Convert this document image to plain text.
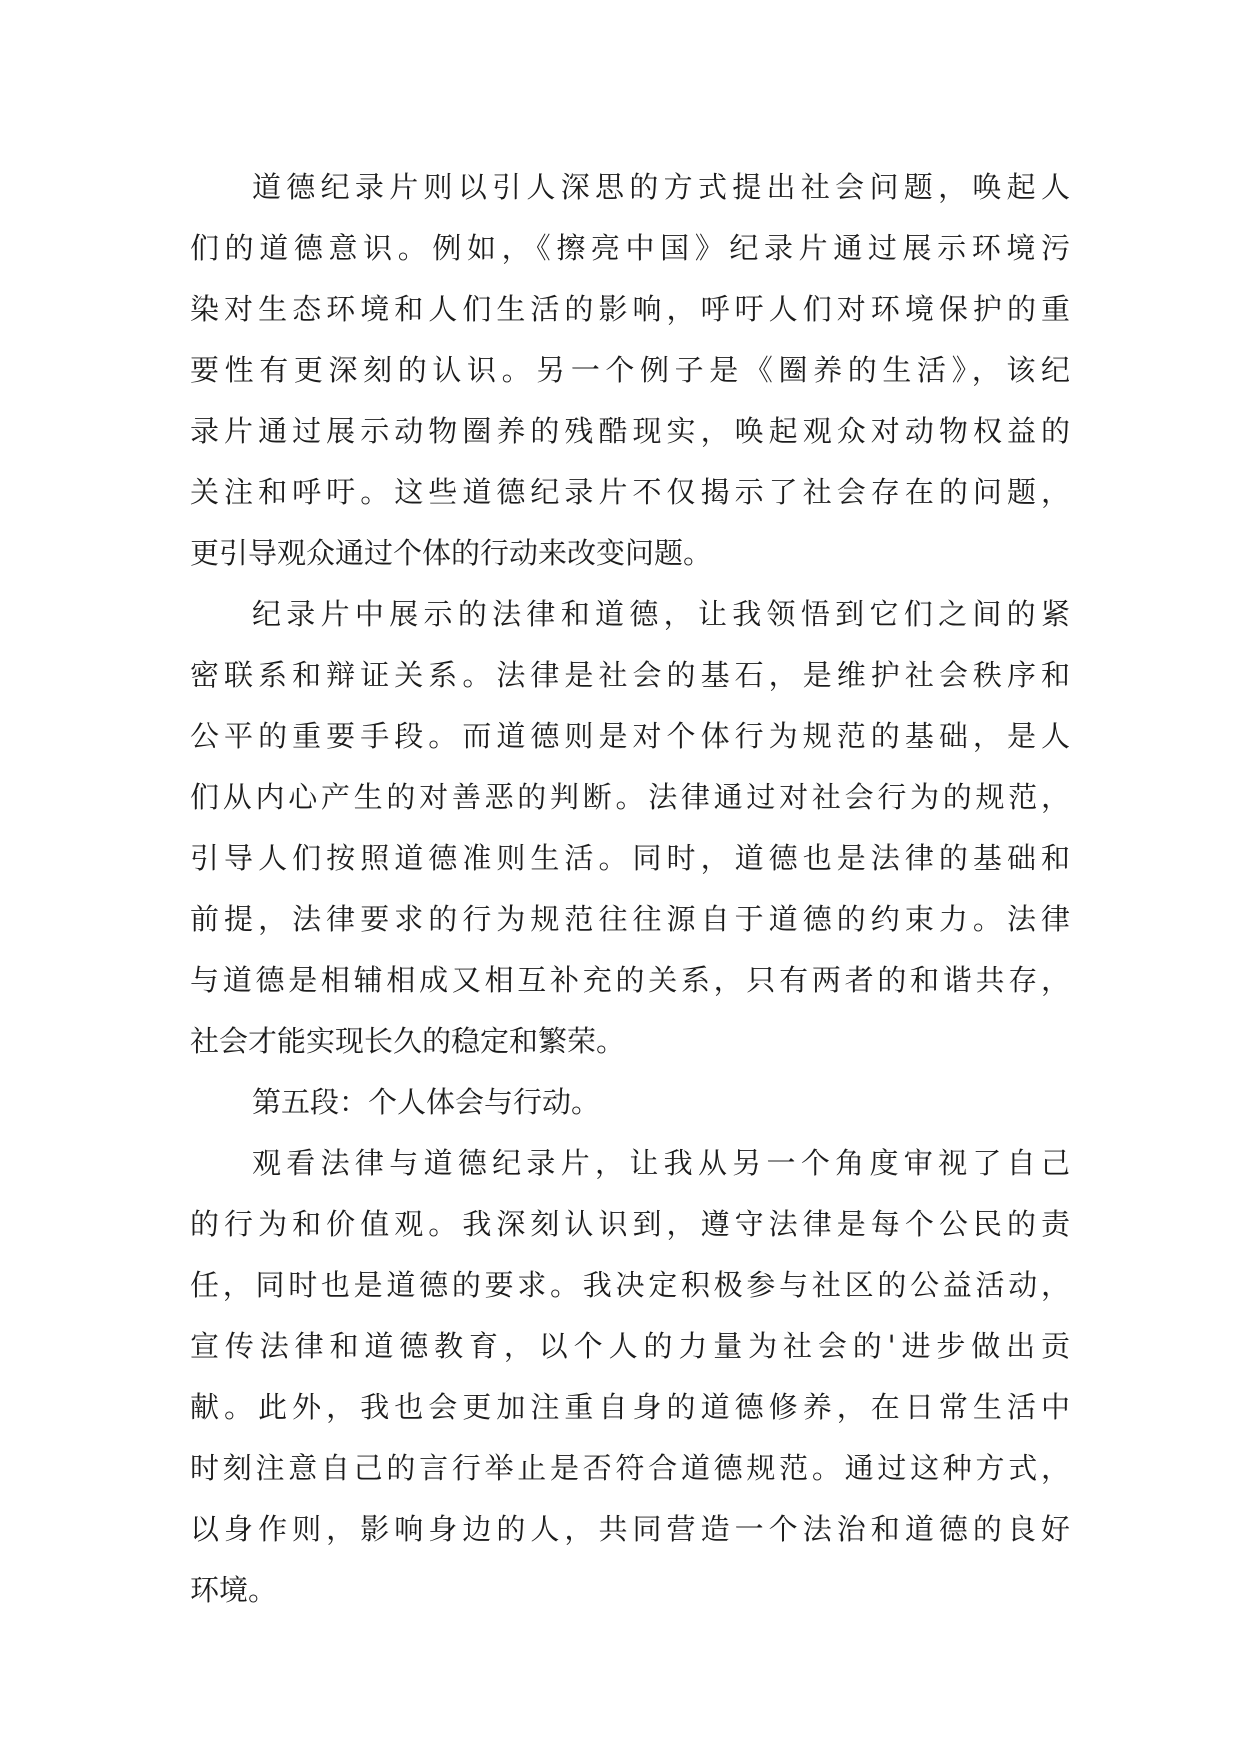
道德纪录片则以引人深思的方式提出社会问题，唤起人
们的道德意识。例如，《擦亮中国》纪录片通过展示环境污
染对生态环境和人们生活的影响，呼吁人们对环境保护的重
要性有更深刻的认识。另一个例子是《圈养的生活》，该纪
录片通过展示动物圈养的残酷现实，唤起观众对动物权益的
关注和呼吁。这些道德纪录片不仅揭示了社会存在的问题，
更引导观众通过个体的行动来改变问题。
纪录片中展示的法律和道德，让我领悟到它们之间的紧
密联系和辩证关系。法律是社会的基石，是维护社会秩序和
公平的重要手段。而道德则是对个体行为规范的基础，是人
们从内心产生的对善恶的判断。法律通过对社会行为的规范，
引导人们按照道德准则生活。同时，道德也是法律的基础和
前提，法律要求的行为规范往往源自于道德的约束力。法律
与道德是相辅相成又相互补充的关系，只有两者的和谐共存，
社会才能实现长久的稳定和繁荣。
第五段：个人体会与行动。
观看法律与道德纪录片，让我从另一个角度审视了自己
的行为和价值观。我深刻认识到，遵守法律是每个公民的责
任，同时也是道德的要求。我决定积极参与社区的公益活动，
宣传法律和道德教育，以个人的力量为社会的'进步做出贡
献。此外，我也会更加注重自身的道德修养，在日常生活中
时刻注意自己的言行举止是否符合道德规范。通过这种方式，
以身作则，影响身边的人，共同营造一个法治和道德的良好
环境。
